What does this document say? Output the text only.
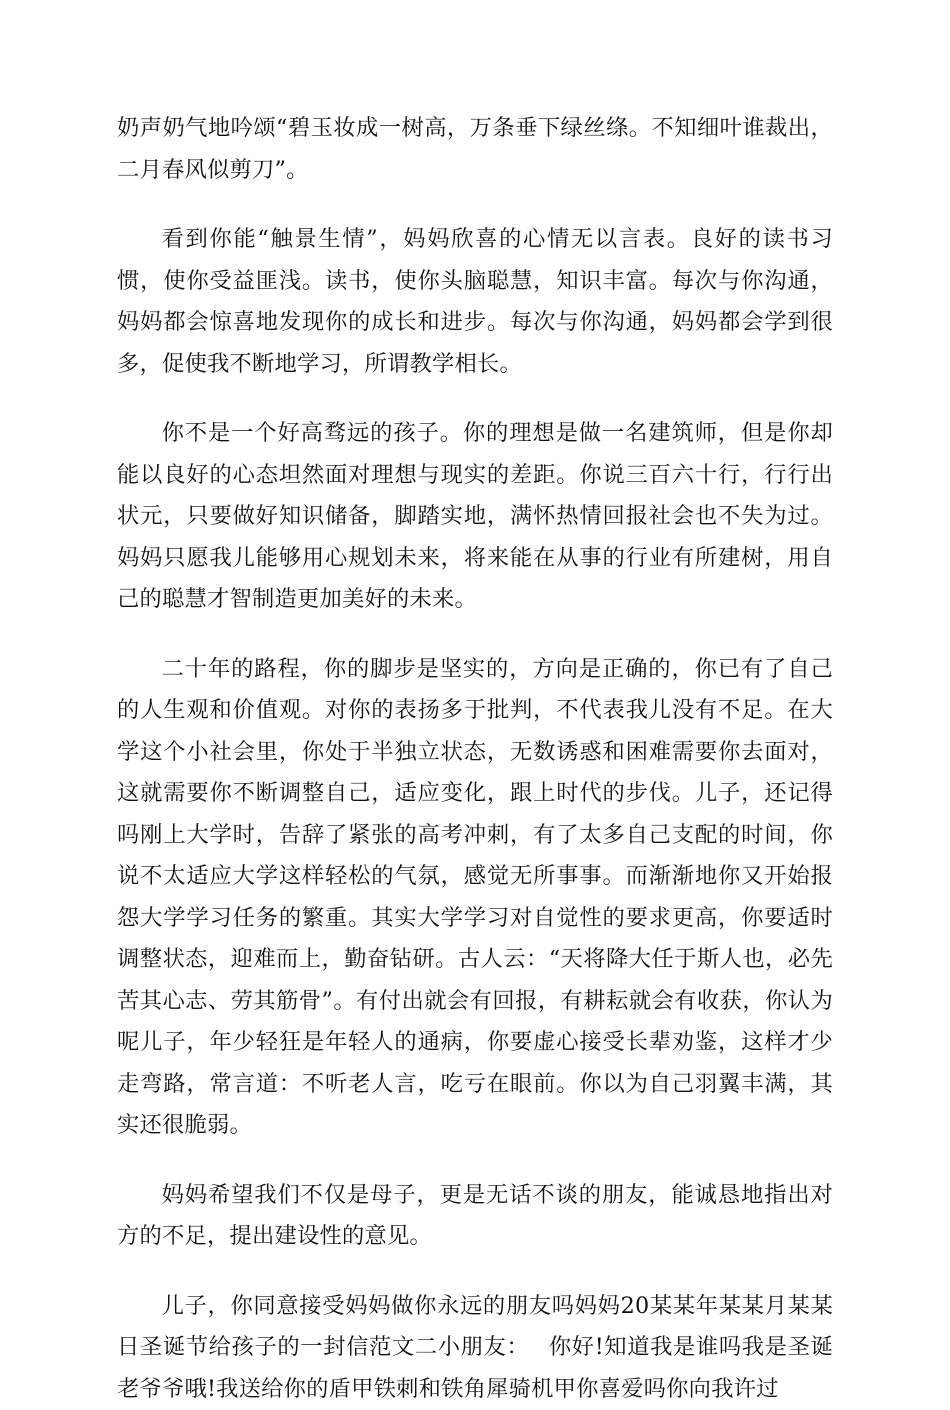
奶声奶气地吟颂“碧玉妆成一树高，万条垂下绿丝绦。不知细叶谁裁出，二月春风似剪刀”。

看到你能“触景生情”，妈妈欣喜的心情无以言表。良好的读书习惯，使你受益匪浅。读书，使你头脑聪慧，知识丰富。每次与你沟通，妈妈都会惊喜地发现你的成长和进步。每次与你沟通，妈妈都会学到很多，促使我不断地学习，所谓教学相长。

你不是一个好高骛远的孩子。你的理想是做一名建筑师，但是你却能以良好的心态坦然面对理想与现实的差距。你说三百六十行，行行出状元，只要做好知识储备，脚踏实地，满怀热情回报社会也不失为过。妈妈只愿我儿能够用心规划未来，将来能在从事的行业有所建树，用自己的聪慧才智制造更加美好的未来。

二十年的路程，你的脚步是坚实的，方向是正确的，你已有了自己的人生观和价值观。对你的表扬多于批判，不代表我儿没有不足。在大学这个小社会里，你处于半独立状态，无数诱惑和困难需要你去面对，这就需要你不断调整自己，适应变化，跟上时代的步伐。儿子，还记得吗刚上大学时，告辞了紧张的高考冲刺，有了太多自己支配的时间，你说不太适应大学这样轻松的气氛，感觉无所事事。而渐渐地你又开始报怨大学学习任务的繁重。其实大学学习对自觉性的要求更高，你要适时调整状态，迎难而上，勤奋钻研。古人云：“天将降大任于斯人也，必先苦其心志、劳其筋骨”。有付出就会有回报，有耕耘就会有收获，你认为呢儿子，年少轻狂是年轻人的通病，你要虚心接受长辈劝鉴，这样才少走弯路，常言道：不听老人言，吃亏在眼前。你以为自己羽翼丰满，其实还很脆弱。

妈妈希望我们不仅是母子，更是无话不谈的朋友，能诚恳地指出对方的不足，提出建设性的意见。

儿子，你同意接受妈妈做你永远的朋友吗妈妈20某某年某某月某某日圣诞节给孩子的一封信范文二小朋友：　 你好!知道我是谁吗我是圣诞老爷爷哦!我送给你的盾甲铁刺和铁角犀骑机甲你喜爱吗你向我许过
